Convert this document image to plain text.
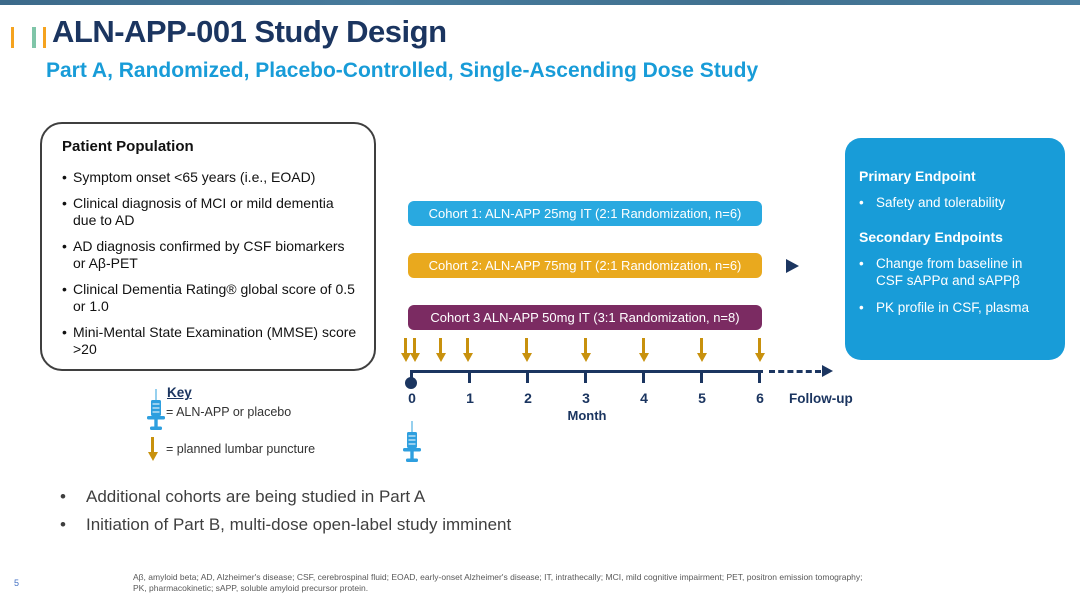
ALN-APP-001 Study Design
Part A, Randomized, Placebo-Controlled, Single-Ascending Dose Study
Patient Population
• Symptom onset <65 years (i.e., EOAD)
• Clinical diagnosis of MCI or mild dementia due to AD
• AD diagnosis confirmed by CSF biomarkers or Aβ-PET
• Clinical Dementia Rating® global score of 0.5 or 1.0
• Mini-Mental State Examination (MMSE) score >20
Cohort 1: ALN-APP 25mg IT (2:1 Randomization, n=6)
Cohort 2: ALN-APP 75mg IT (2:1 Randomization, n=6)
Cohort 3 ALN-APP 50mg IT (3:1 Randomization, n=8)
0	1	2	3	4	5	6
Month
Follow-up
Key
= ALN-APP or placebo
= planned lumbar puncture
Primary Endpoint
• Safety and tolerability
Secondary Endpoints
• Change from baseline in CSF sAPPα and sAPPβ
• PK profile in CSF, plasma
•	Additional cohorts are being studied in Part A
•	Initiation of Part B, multi-dose open-label study imminent
Aβ, amyloid beta; AD, Alzheimer's disease; CSF, cerebrospinal fluid; EOAD, early-onset Alzheimer's disease; IT, intrathecally; MCI, mild cognitive impairment; PET, positron emission tomography;
PK, pharmacokinetic; sAPP, soluble amyloid precursor protein.
5
